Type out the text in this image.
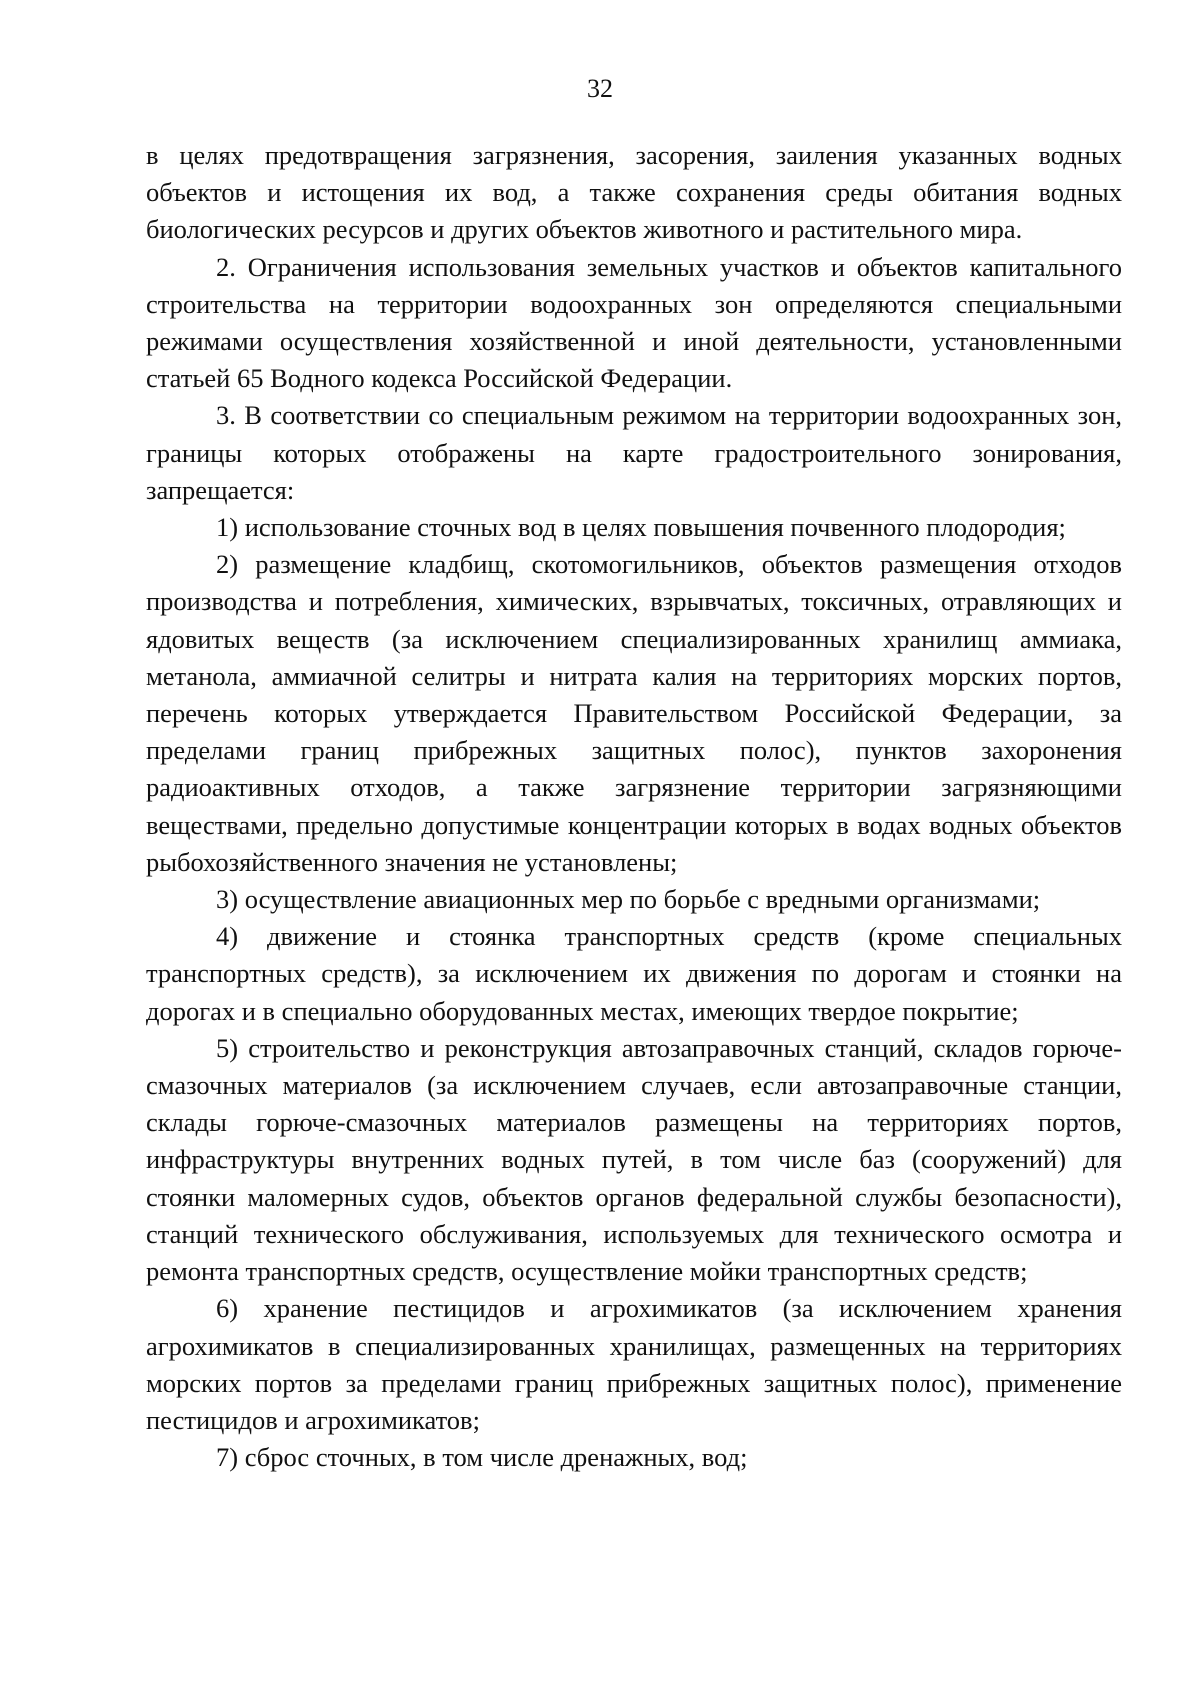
32

в целях предотвращения загрязнения, засорения, заиления указанных водных объектов и истощения их вод, а также сохранения среды обитания водных биологических ресурсов и других объектов животного и растительного мира.

2. Ограничения использования земельных участков и объектов капитального строительства на территории водоохранных зон определяются специальными режимами осуществления хозяйственной и иной деятельности, установленными статьей 65 Водного кодекса Российской Федерации.

3. В соответствии со специальным режимом на территории водоохранных зон, границы которых отображены на карте градостроительного зонирования, запрещается:

1) использование сточных вод в целях повышения почвенного плодородия;

2) размещение кладбищ, скотомогильников, объектов размещения отходов производства и потребления, химических, взрывчатых, токсичных, отравляющих и ядовитых веществ (за исключением специализированных хранилищ аммиака, метанола, аммиачной селитры и нитрата калия на территориях морских портов, перечень которых утверждается Правительством Российской Федерации, за пределами границ прибрежных защитных полос), пунктов захоронения радиоактивных отходов, а также загрязнение территории загрязняющими веществами, предельно допустимые концентрации которых в водах водных объектов рыбохозяйственного значения не установлены;

3) осуществление авиационных мер по борьбе с вредными организмами;

4) движение и стоянка транспортных средств (кроме специальных транспортных средств), за исключением их движения по дорогам и стоянки на дорогах и в специально оборудованных местах, имеющих твердое покрытие;

5) строительство и реконструкция автозаправочных станций, складов горюче-смазочных материалов (за исключением случаев, если автозаправочные станции, склады горюче-смазочных материалов размещены на территориях портов, инфраструктуры внутренних водных путей, в том числе баз (сооружений) для стоянки маломерных судов, объектов органов федеральной службы безопасности), станций технического обслуживания, используемых для технического осмотра и ремонта транспортных средств, осуществление мойки транспортных средств;

6) хранение пестицидов и агрохимикатов (за исключением хранения агрохимикатов в специализированных хранилищах, размещенных на территориях морских портов за пределами границ прибрежных защитных полос), применение пестицидов и агрохимикатов;

7) сброс сточных, в том числе дренажных, вод;
